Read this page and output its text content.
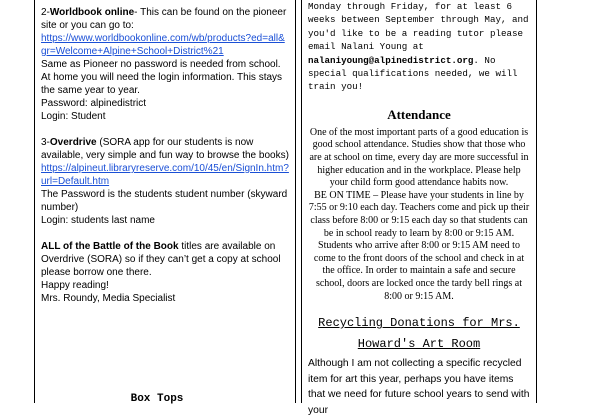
2-Worldbook online- This can be found on the pioneer site or you can go to:

https://www.worldbookonline.com/wb/products?ed=all&gr=Welcome+Alpine+School+District%21

Same as Pioneer no password is needed from school.

At home you will need the login information. This stays the same year to year.

Password: alpinedistrict

Login: Student

3-Overdrive (SORA app for our students is now available, very simple and fun way to browse the books)

https://alpineut.libraryreserve.com/10/45/en/SignIn.htm?url=Default.htm

The Password is the students student number (skyward number)

Login: students last name

ALL of the Battle of the Book titles are available on Overdrive (SORA) so if they can’t get a copy at school please borrow one there.

Happy reading!

Mrs. Roundy, Media Specialist

Box Tops

Monday through Friday, for at least 6 weeks between September through May, and you'd like to be a reading tutor please email Nalani Young at nalaniyoung@alpinedistrict.org. No special qualifications needed, we will train you!

Attendance

One of the most important parts of a good education is good school attendance. Studies show that those who are at school on time, every day are more successful in higher education and in the workplace. Please help your child form good attendance habits now.

BE ON TIME – Please have your students in line by 7:55 or 9:10 each day. Teachers come and pick up their class before 8:00 or 9:15 each day so that students can be in school ready to learn by 8:00 or 9:15 AM.

Students who arrive after 8:00 or 9:15 AM need to come to the front doors of the school and check in at the office. In order to maintain a safe and secure school, doors are locked once the tardy bell rings at 8:00 or 9:15 AM.

Recycling Donations for Mrs. Howard's Art Room

Although I am not collecting a specific recycled item for art this year, perhaps you have items that we need for future school years to send with your
